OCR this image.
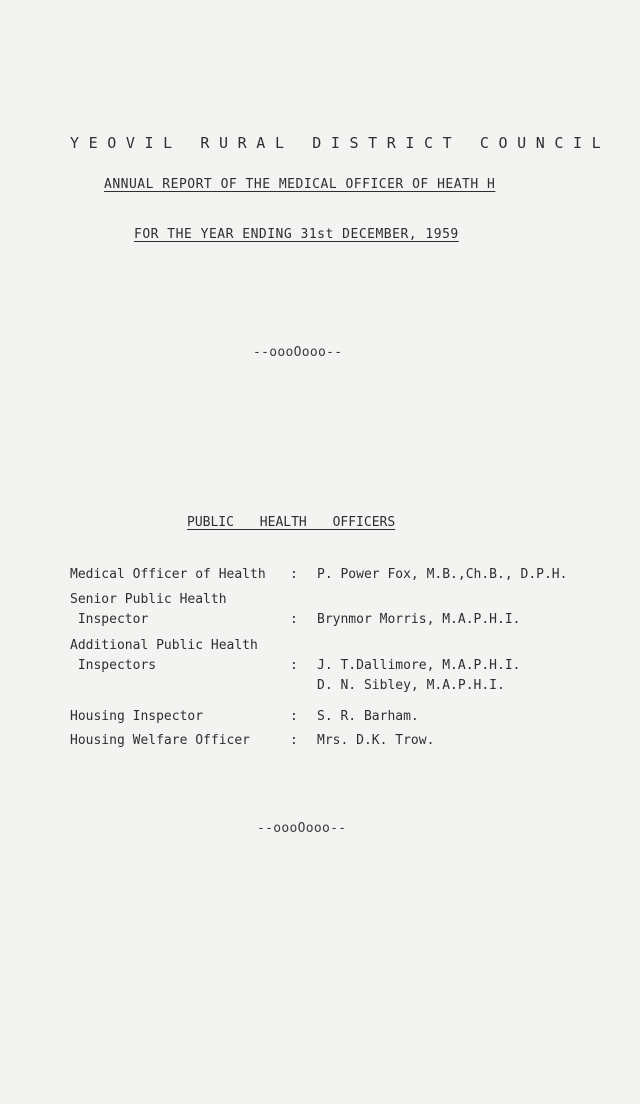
YEOVIL RURAL DISTRICT COUNCIL
ANNUAL REPORT OF THE MEDICAL OFFICER OF HEATH H
FOR THE YEAR ENDING 31st DECEMBER, 1959
--oooOooo--
PUBLIC HEALTH OFFICERS
Medical Officer of Health : P. Power Fox, M.B.,Ch.B., D.P.H.
Senior Public Health
Inspector	: Brynmor Morris, M.A.P.H.I.
Additional Public Health
Inspectors	: J. T.Dallimore, M.A.P.H.I.
D. N. Sibley, M.A.P.H.I.
Housing Inspector	: S. R. Barham.
Housing Welfare Officer	: Mrs. D.K. Trow.
--oooOooo--
